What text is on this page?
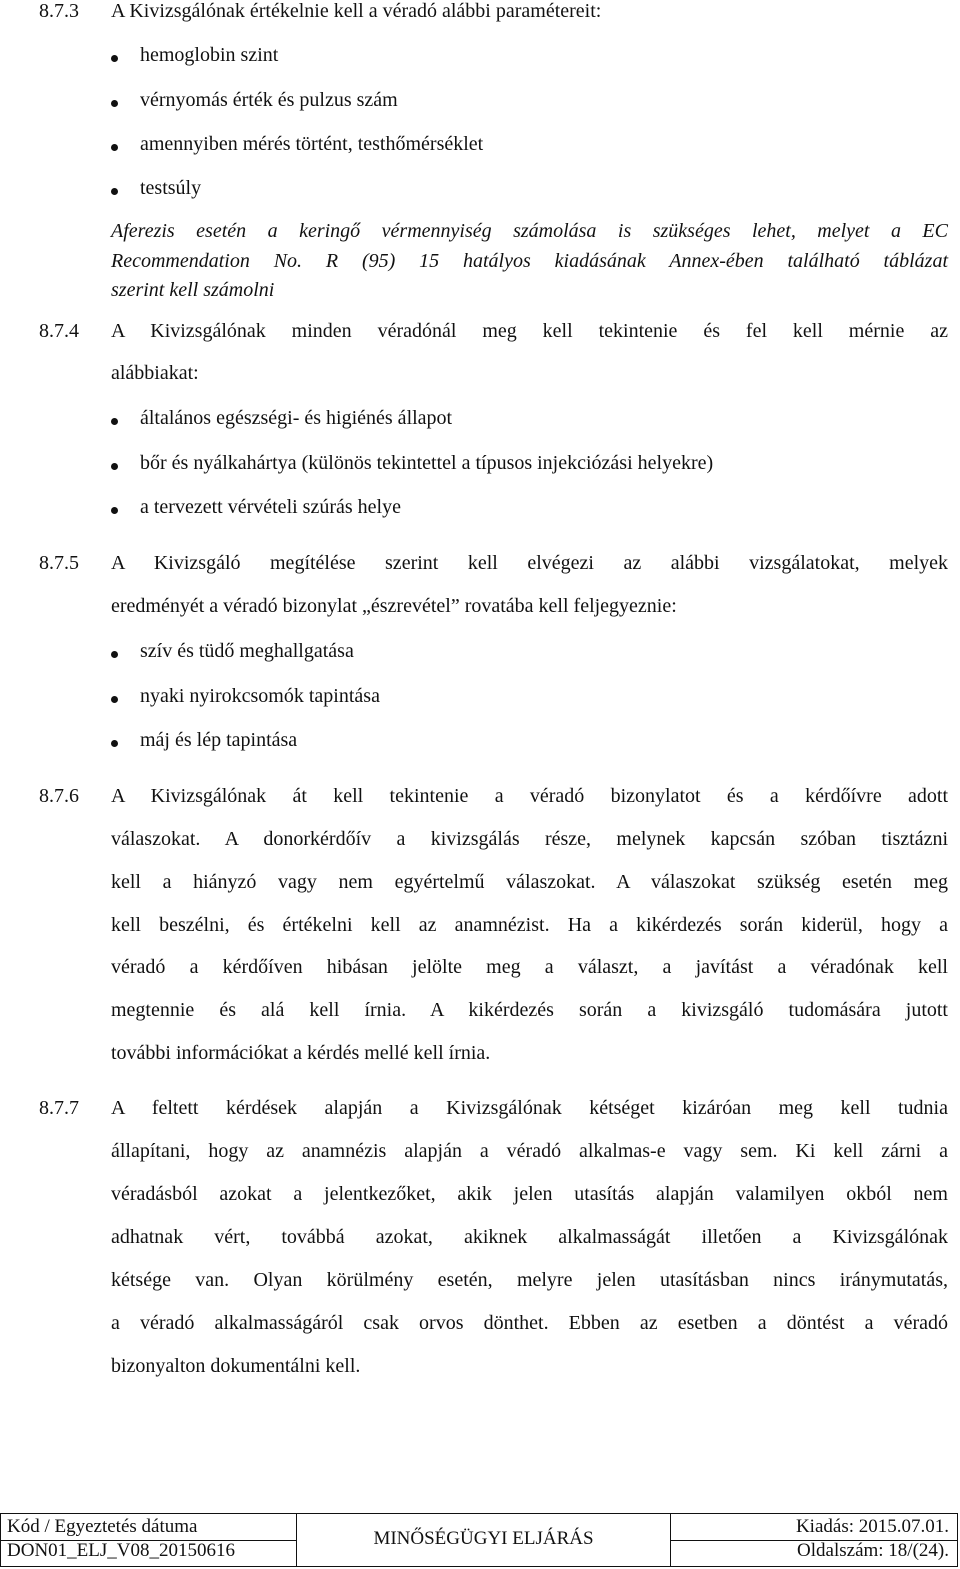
8.7.3 A Kivizsgálónak értékelnie kell a véradó alábbi paramétereit:
hemoglobin szint
vérnyomás érték és pulzus szám
amennyiben mérés történt, testhőmérséklet
testsúly
Aferezis esetén a keringő vérmennyiség számolása is szükséges lehet, melyet a EC
Recommendation No. R (95) 15 hatályos kiadásának Annex-ében található táblázat
szerint kell számolni
8.7.4 A Kivizsgálónak minden véradónál meg kell tekintenie és fel kell mérnie az
alábbiakat:
általános egészségi- és higiénés állapot
bőr és nyálkahártya (különös tekintettel a típusos injekciózási helyekre)
a tervezett vérvételi szúrás helye
8.7.5 A Kivizsgáló megítélése szerint kell elvégezi az alábbi vizsgálatokat, melyek
eredményét a véradó bizonylat „észrevétel” rovatába kell feljegyeznie:
szív és tüdő meghallgatása
nyaki nyirokcsomók tapintása
máj és lép tapintása
8.7.6 A Kivizsgálónak át kell tekintenie a véradó bizonylatot és a kérdőívre adott
válaszokat. A donorkérdőív a kivizsgálás része, melynek kapcsán szóban tisztázni
kell a hiányzó vagy nem egyértelmű válaszokat. A válaszokat szükség esetén meg
kell beszélni, és értékelni kell az anamnézist. Ha a kikérdezés során kiderül, hogy a
véradó a kérdőíven hibásan jelölte meg a választ, a javítást a véradónak kell
megtennie és alá kell írnia. A kikérdezés során a kivizsgáló tudomására jutott
további információkat a kérdés mellé kell írnia.
8.7.7 A feltett kérdések alapján a Kivizsgálónak kétséget kizáróan meg kell tudnia
állapítani, hogy az anamnézis alapján a véradó alkalmas-e vagy sem. Ki kell zárni a
véradásból azokat a jelentkezőket, akik jelen utasítás alapján valamilyen okból nem
adhatnak vért, továbbá azokat, akiknek alkalmasságát illetően a Kivizsgálónak
kétsége van. Olyan körülmény esetén, melyre jelen utasításban nincs iránymutatás,
a véradó alkalmasságáról csak orvos dönthet. Ebben az esetben a döntést a véradó
bizonyalton dokumentálni kell.
Kód / Egyeztetés dátuma
DON01_ELJ_V08_20150616
MINŐSÉGÜGYI ELJÁRÁS
Kiadás: 2015.07.01.
Oldalszám: 18/(24).
